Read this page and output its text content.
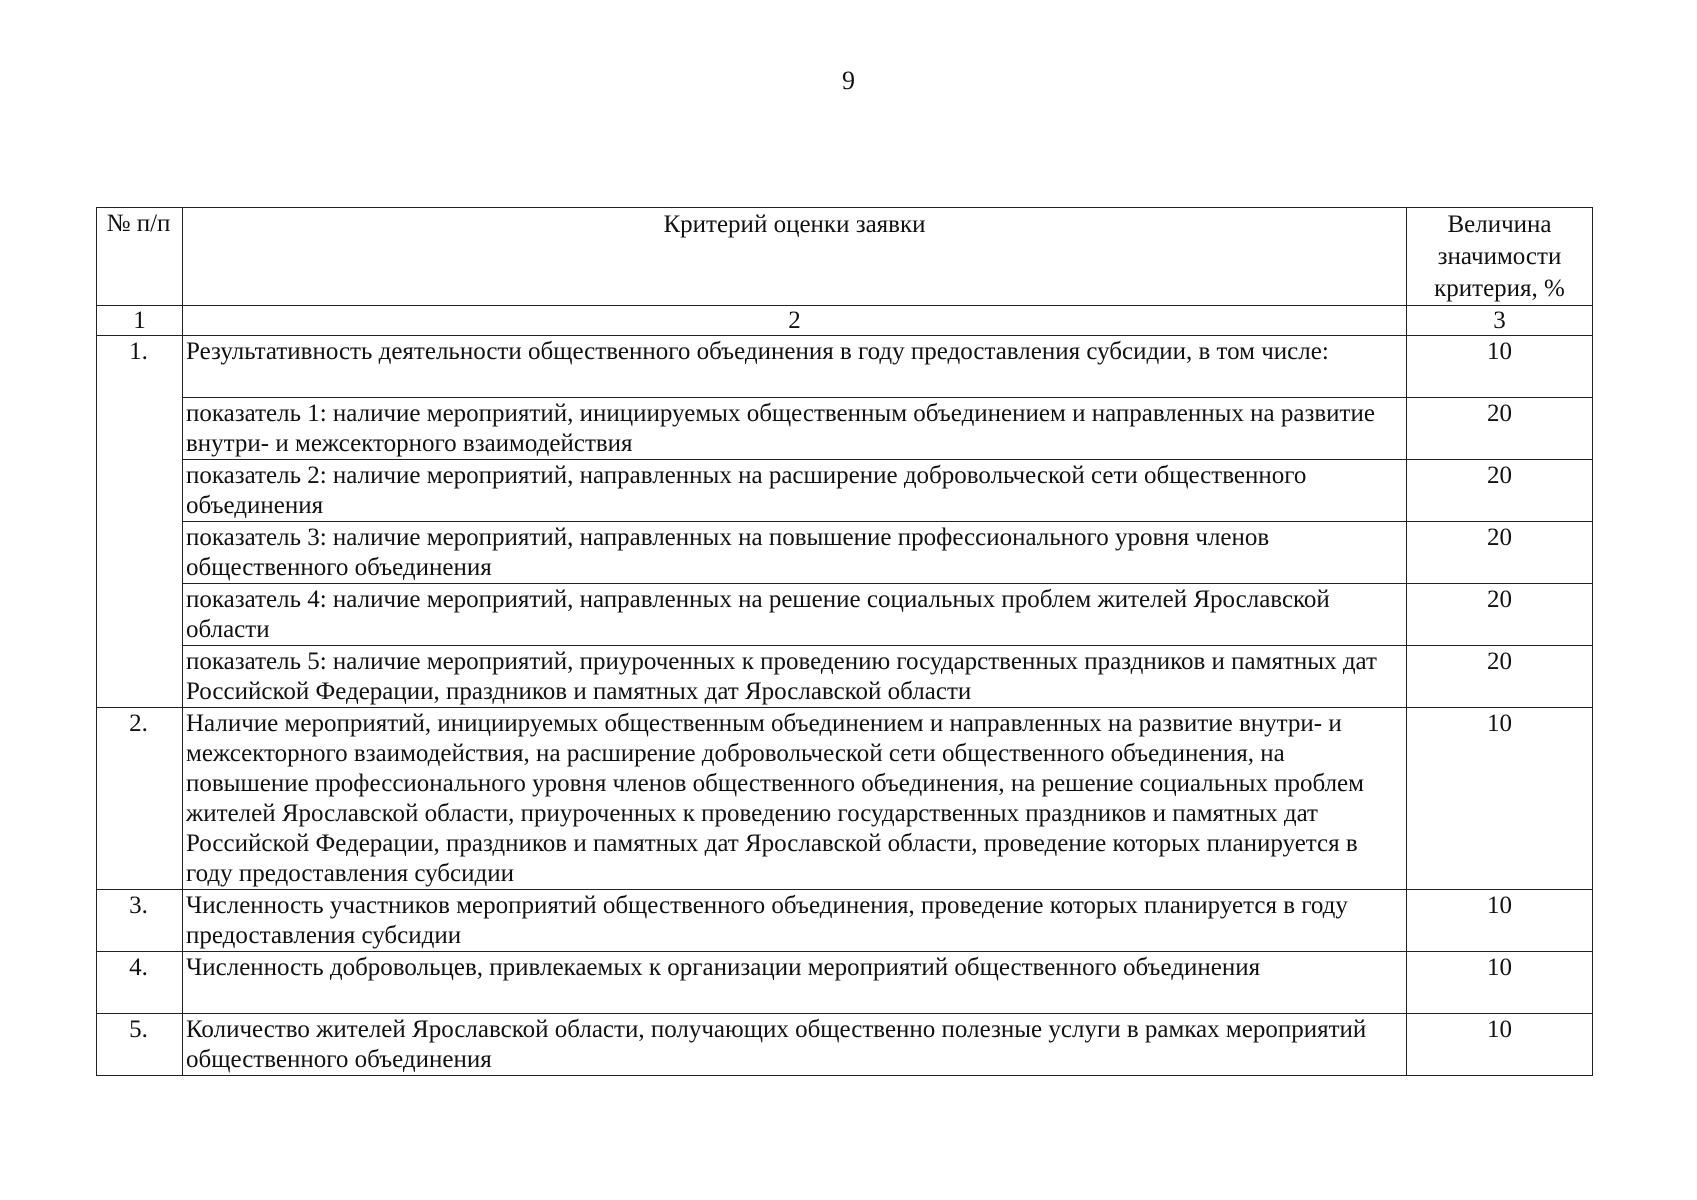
9
№ п/п	Критерий оценки заявки	Величина значимости критерия, %
1	2	3
1.	Результативность деятельности общественного объединения в году предоставления субсидии, в том числе:	10
	показатель 1: наличие мероприятий, инициируемых общественным объединением и направленных на развитие внутри- и межсекторного взаимодействия	20
	показатель 2: наличие мероприятий, направленных на расширение добровольческой сети общественного объединения	20
	показатель 3: наличие мероприятий, направленных на повышение профессионального уровня членов общественного объединения	20
	показатель 4: наличие мероприятий, направленных на решение социальных проблем жителей Ярославской области	20
	показатель 5: наличие мероприятий, приуроченных к проведению государственных праздников и памятных дат Российской Федерации, праздников и памятных дат Ярославской области	20
2.	Наличие мероприятий, инициируемых общественным объединением и направленных на развитие внутри- и межсекторного взаимодействия, на расширение добровольческой сети общественного объединения, на повышение профессионального уровня членов общественного объединения, на решение социальных проблем жителей Ярославской области, приуроченных к проведению государственных праздников и памятных дат Российской Федерации, праздников и памятных дат Ярославской области, проведение которых планируется в году предоставления субсидии	10
3.	Численность участников мероприятий общественного объединения, проведение которых планируется в году предоставления субсидии	10
4.	Численность добровольцев, привлекаемых к организации мероприятий общественного объединения	10
5.	Количество жителей Ярославской области, получающих общественно полезные услуги в рамках мероприятий общественного объединения	10
